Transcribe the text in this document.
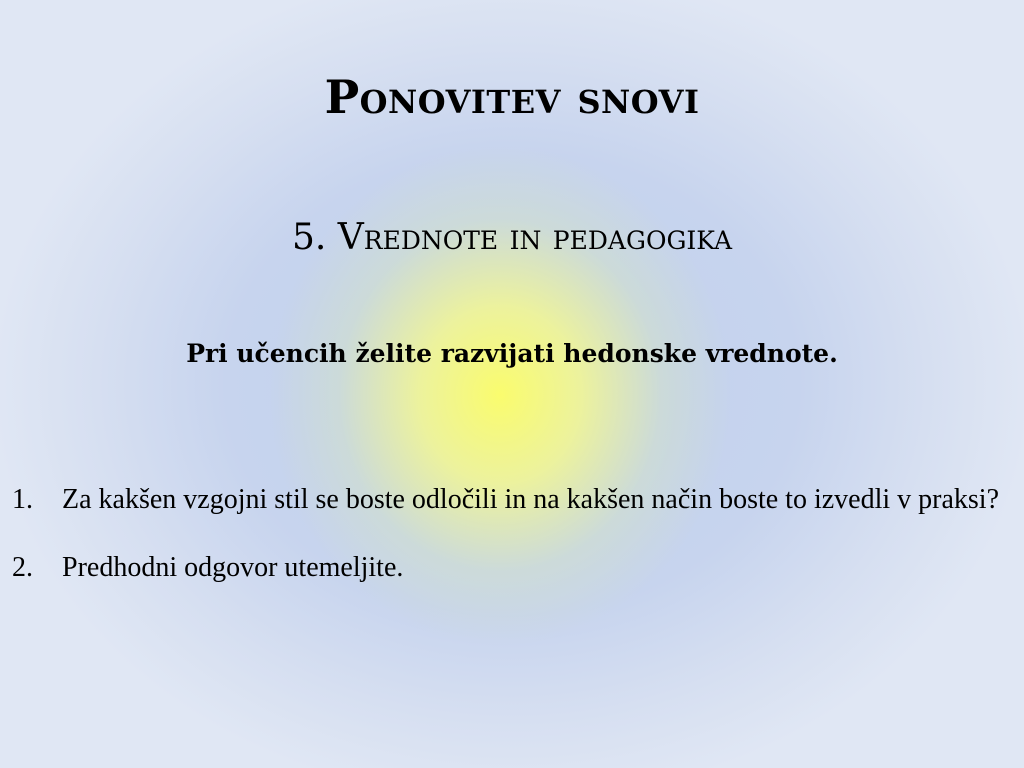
Ponovitev snovi
5. Vrednote in pedagogika
Pri učencih želite razvijati hedonske vrednote.
1. Za kakšen vzgojni stil se boste odločili in na kakšen način boste to izvedli v praksi?
2. Predhodni odgovor utemeljite.
